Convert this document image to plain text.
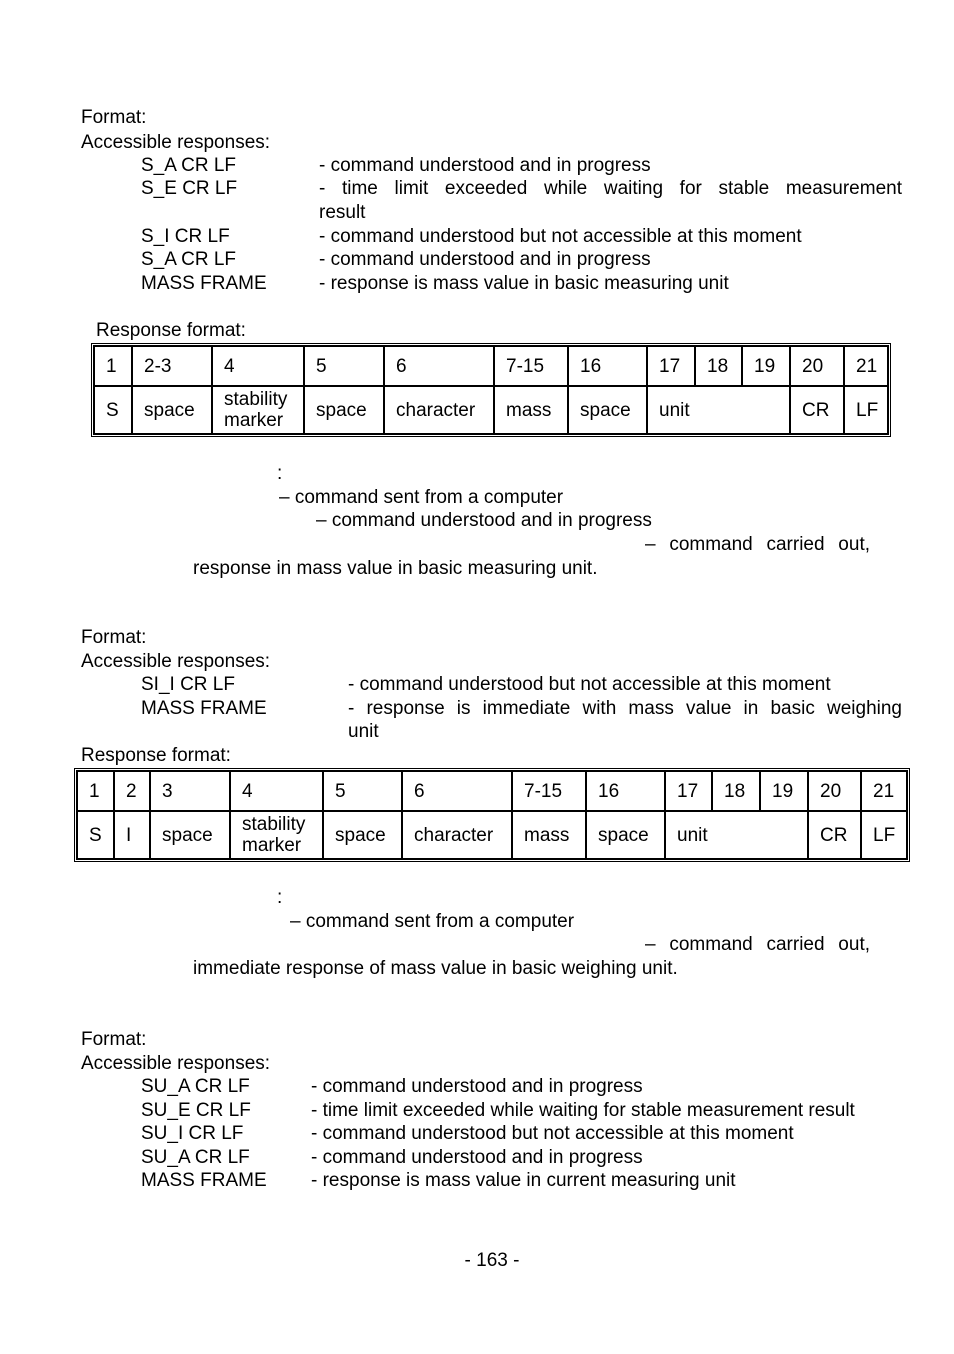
Format:
Accessible responses:
S_A CR LF	- command understood and in progress
S_E CR LF	- time limit exceeded while waiting for stable measurement
result
S_I CR LF	- command understood but not accessible at this moment
S_A CR LF	- command understood and in progress
MASS FRAME	- response is mass value in basic measuring unit
Response format:
1	2-3	4	5	6	7-15	16	17	18	19	20	21
S	space	stability marker	space	character	mass	space	unit			CR	LF
:
– command sent from a computer
– command understood and in progress
– command carried out,
response in mass value in basic measuring unit.
Format:
Accessible responses:
SI_I CR LF	- command understood but not accessible at this moment
MASS FRAME	- response is immediate with mass value in basic weighing
unit
Response format:
1	2	3	4	5	6	7-15	16	17	18	19	20	21
S	I	space	stability marker	space	character	mass	space	unit			CR	LF
:
– command sent from a computer
– command carried out,
immediate response of mass value in basic weighing unit.
Format:
Accessible responses:
SU_A CR LF	- command understood and in progress
SU_E CR LF	- time limit exceeded while waiting for stable measurement result
SU_I CR LF	- command understood but not accessible at this moment
SU_A CR LF	- command understood and in progress
MASS FRAME - response is mass value in current measuring unit
- 163 -
